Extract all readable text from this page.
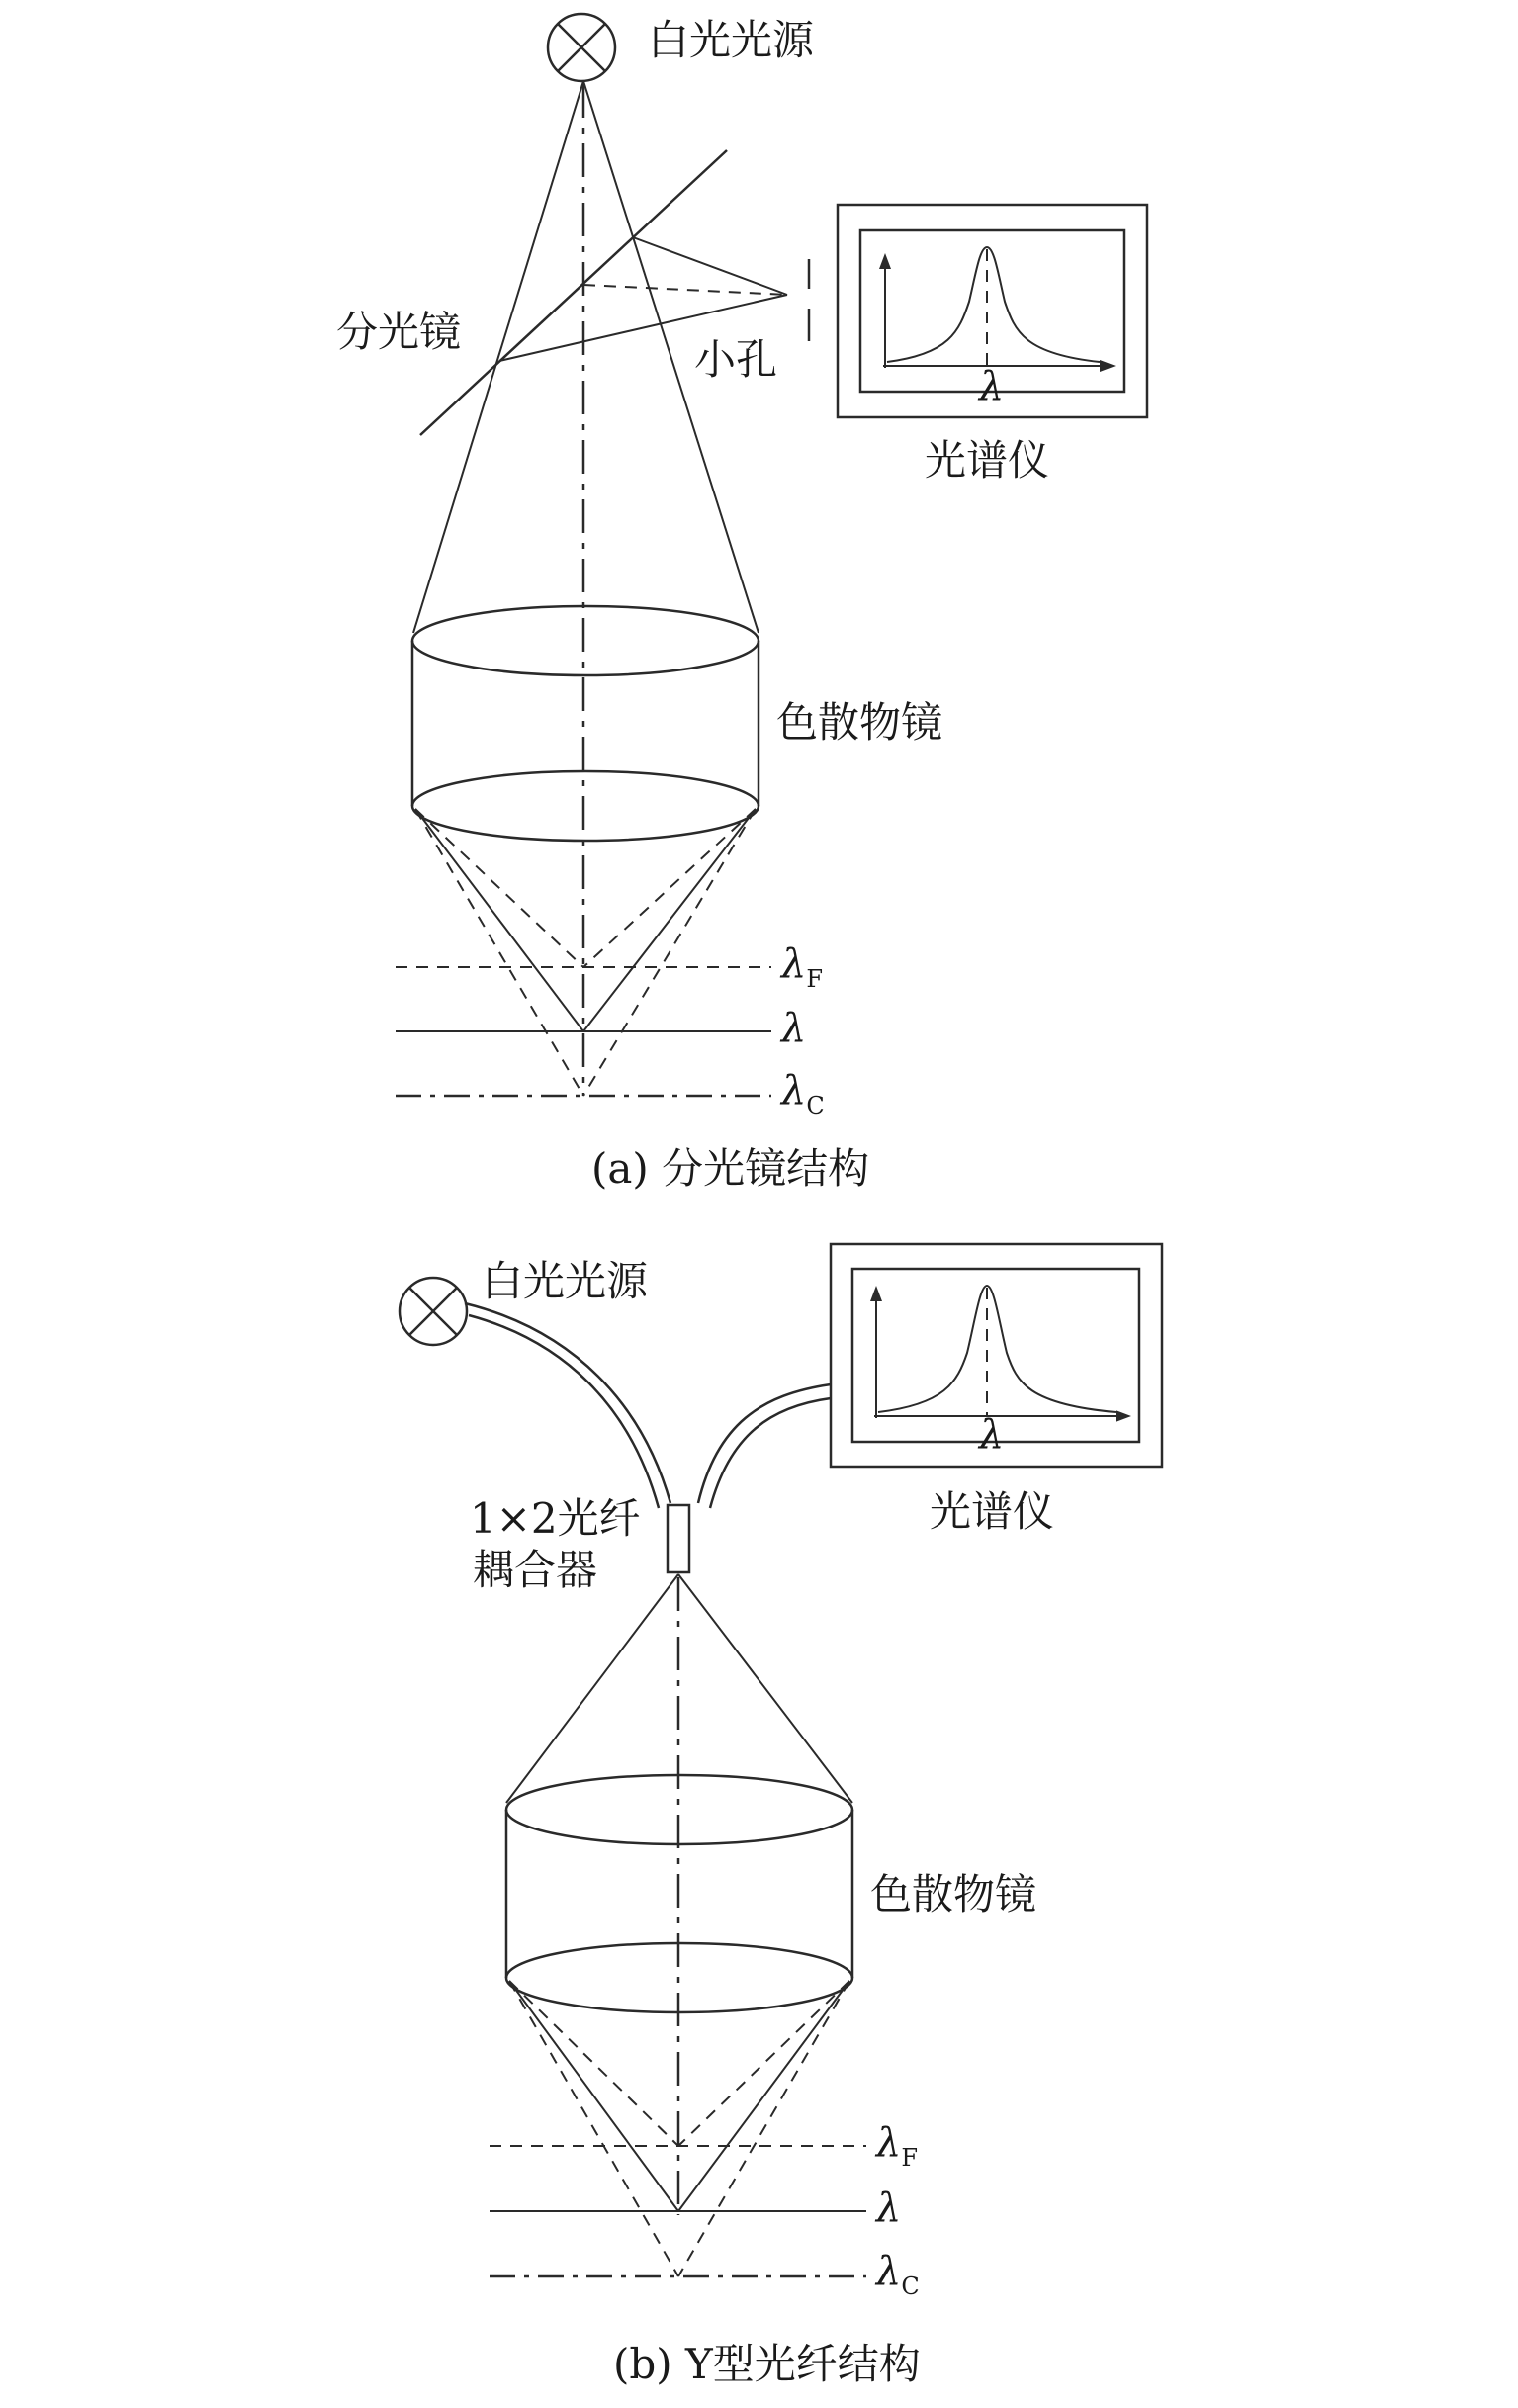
白光光源
分光镜
小孔
λ
光谱仪
色散物镜
$\lambda_F$
λ
$\lambda_C$
(a) 分光镜结构
白光光源
1×2光纤
耦合器
λ
光谱仪
色散物镜
$\lambda_F$
λ
$\lambda_C$
(b) Y型光纤结构
